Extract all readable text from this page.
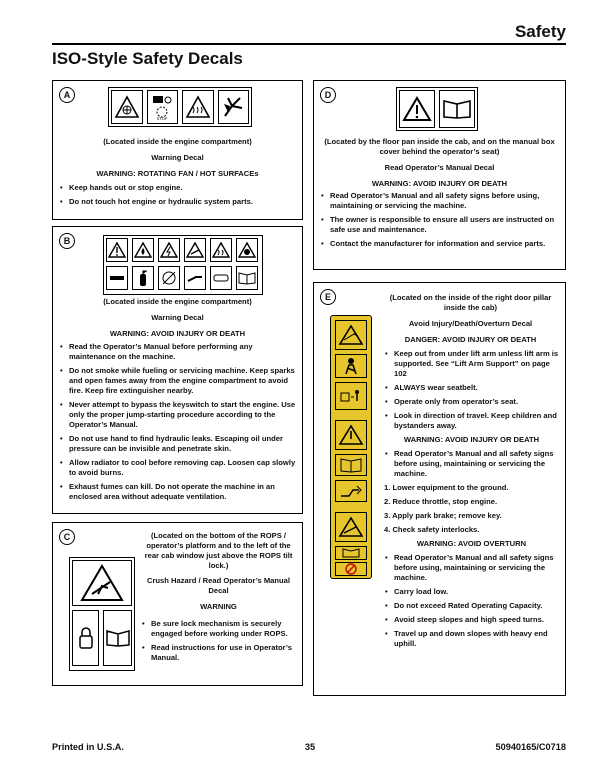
Safety
ISO-Style Safety Decals
A
STOP
(Located inside the engine compartment)
Warning Decal
WARNING: ROTATING FAN / HOT SURFACEs
• Keep hands out or stop engine.
• Do not touch hot engine or hydraulic system parts.
B
(Located inside the engine compartment)
Warning Decal
WARNING: AVOID INJURY OR DEATH
• Read the Operator’s Manual before performing any maintenance on the machine.
• Do not smoke while fueling or servicing machine. Keep sparks and open fames away from the engine compartment to avoid fire. Keep fire extinguisher nearby.
• Never attempt to bypass the keyswitch to start the engine. Use only the proper jump-starting procedure according to the Operator’s Manual.
• Do not use hand to find hydraulic leaks. Escaping oil under pressure can be invisible and penetrate skin.
• Allow radiator to cool before removing cap. Loosen cap slowly to avoid burns.
• Exhaust fumes can kill. Do not operate the machine in an enclosed area without adequate ventilation.
C	(Located on the bottom of the ROPS / operator’s platform and to the left of the rear cab window just above the ROPS tilt lock.)
Crush Hazard / Read Operator’s Manual Decal
WARNING
• Be sure lock mechanism is securely engaged before working under ROPS.
• Read instructions for use in Operator’s Manual.
D
(Located by the floor pan inside the cab, and on the manual box cover behind the operator’s seat)
Read Operator’s Manual Decal
WARNING: AVOID INJURY OR DEATH
• Read Operator’s Manual and all safety signs before using, maintaining or servicing the machine.
• The owner is responsible to ensure all users are instructed on safe use and maintenance.
• Contact the manufacturer for information and service parts.
E	(Located on the inside of the right door pillar inside the cab)
Avoid Injury/Death/Overturn Decal
DANGER: AVOID INJURY OR DEATH
• Keep out from under lift arm unless lift arm is supported. See “Lift Arm Support” on page 102
• ALWAYS wear seatbelt.
• Operate only from operator’s seat.
• Look in direction of travel. Keep children and bystanders away.
WARNING: AVOID INJURY OR DEATH
• Read Operator’s Manual and all safety signs before using, maintaining or servicing the machine.
1. Lower equipment to the ground.
2. Reduce throttle, stop engine.
3. Apply park brake; remove key.
4. Check safety interlocks.
WARNING: AVOID OVERTURN
• Read Operator’s Manual and all safety signs before using, maintaining or servicing the machine.
• Carry load low.
• Do not exceed Rated Operating Capacity.
• Avoid steep slopes and high speed turns.
• Travel up and down slopes with heavy end uphill.
Printed in U.S.A.	35	50940165/C0718
